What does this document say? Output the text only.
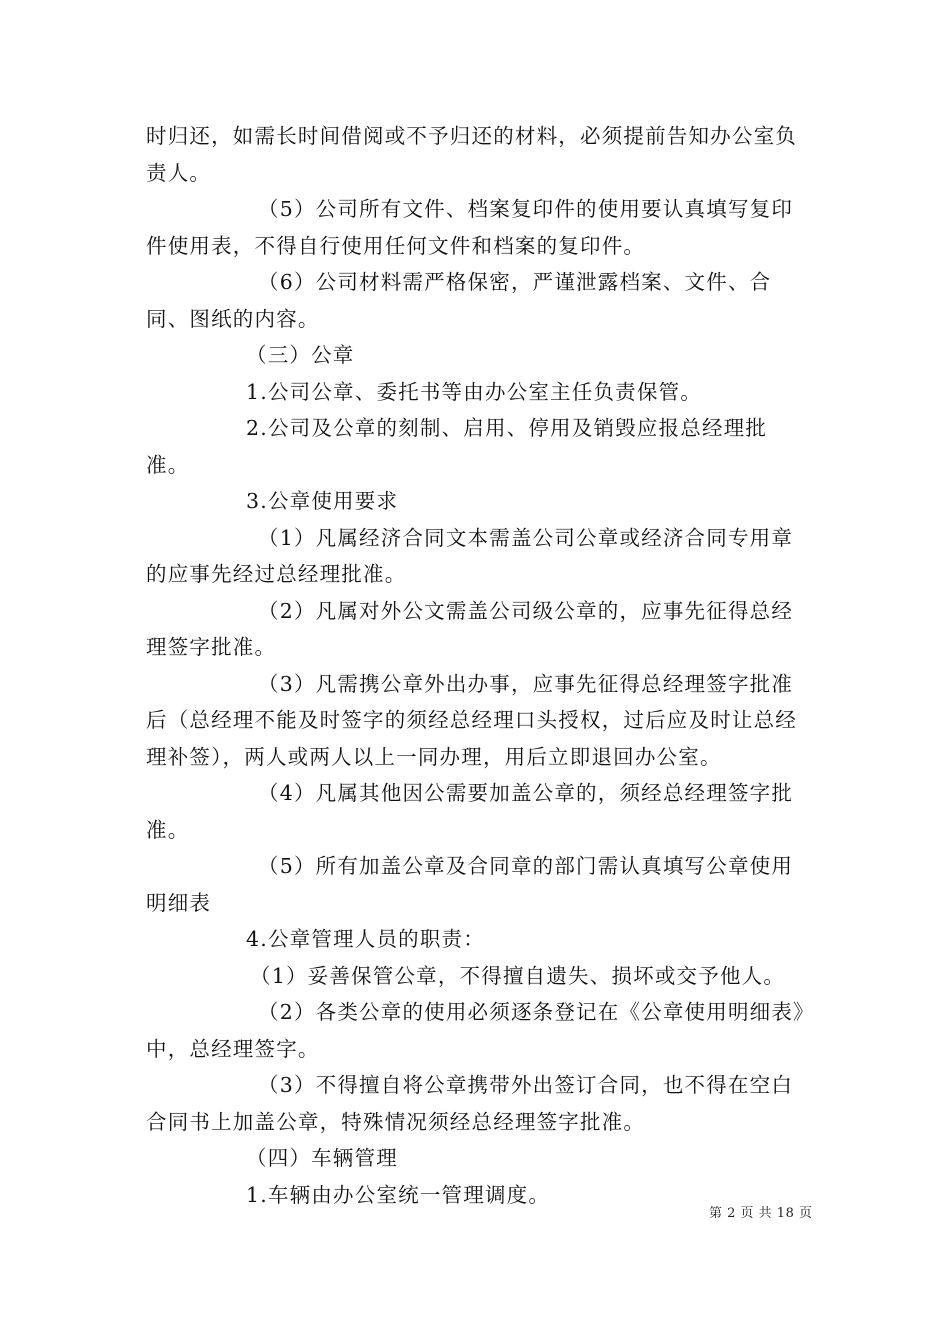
时归还，如需长时间借阅或不予归还的材料，必须提前告知办公室负责人。

（5）公司所有文件、档案复印件的使用要认真填写复印件使用表，不得自行使用任何文件和档案的复印件。

（6）公司材料需严格保密，严谨泄露档案、文件、合同、图纸的内容。

（三）公章

1.公司公章、委托书等由办公室主任负责保管。

2.公司及公章的刻制、启用、停用及销毁应报总经理批准。

3.公章使用要求

（1）凡属经济合同文本需盖公司公章或经济合同专用章的应事先经过总经理批准。

（2）凡属对外公文需盖公司级公章的，应事先征得总经理签字批准。

（3）凡需携公章外出办事，应事先征得总经理签字批准后（总经理不能及时签字的须经总经理口头授权，过后应及时让总经理补签），两人或两人以上一同办理，用后立即退回办公室。

（4）凡属其他因公需要加盖公章的，须经总经理签字批准。

（5）所有加盖公章及合同章的部门需认真填写公章使用明细表

4.公章管理人员的职责：

（1）妥善保管公章，不得擅自遗失、损坏或交予他人。

（2）各类公章的使用必须逐条登记在《公章使用明细表》中，总经理签字。

（3）不得擅自将公章携带外出签订合同，也不得在空白合同书上加盖公章，特殊情况须经总经理签字批准。

（四）车辆管理

1.车辆由办公室统一管理调度。

第 2 页 共 18 页
